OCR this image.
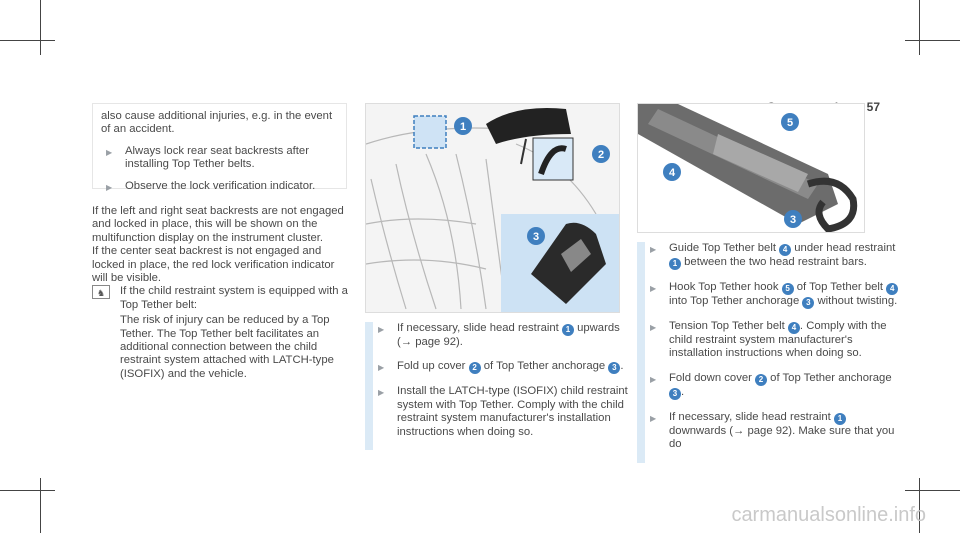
57
also cause additional injuries, e.g. in the event of an accident.
▶ Always lock rear seat backrests after installing Top Tether belts.
▶ Observe the lock verification indicator.

If the left and right seat backrests are not engaged and locked in place, this will be shown on the multifunction display on the instrument cluster.

If the center seat backrest is not engaged and locked in place, the red lock verification indicator will be visible.

♞	If the child restraint system is equipped with a Top Tether belt:
The risk of injury can be reduced by a Top Tether. The Top Tether belt facilitates an additional connection between the child restraint system attached with LATCH-type (ISOFIX) and the vehicle.
1
2
3
5
4
3
▶ If necessary, slide head restraint 1 upwards (→ page 92).
▶ Fold up cover 2 of Top Tether anchorage 3 .
▶ Install the LATCH-type (ISOFIX) child restraint system with Top Tether. Comply with the child restraint system manufacturer's installation instructions when doing so.
▶ Guide Top Tether belt 4 under head restraint 1 between the two head restraint bars.
▶ Hook Top Tether hook 5 of Top Tether belt 4 into Top Tether anchorage 3 without twisting.
▶ Tension Top Tether belt 4 . Comply with the child restraint system manufacturer's installation instructions when doing so.
▶ Fold down cover 2 of Top Tether anchorage 3 .
▶ If necessary, slide head restraint 1 downwards (→ page 92). Make sure that you do
carmanualsonline.info
